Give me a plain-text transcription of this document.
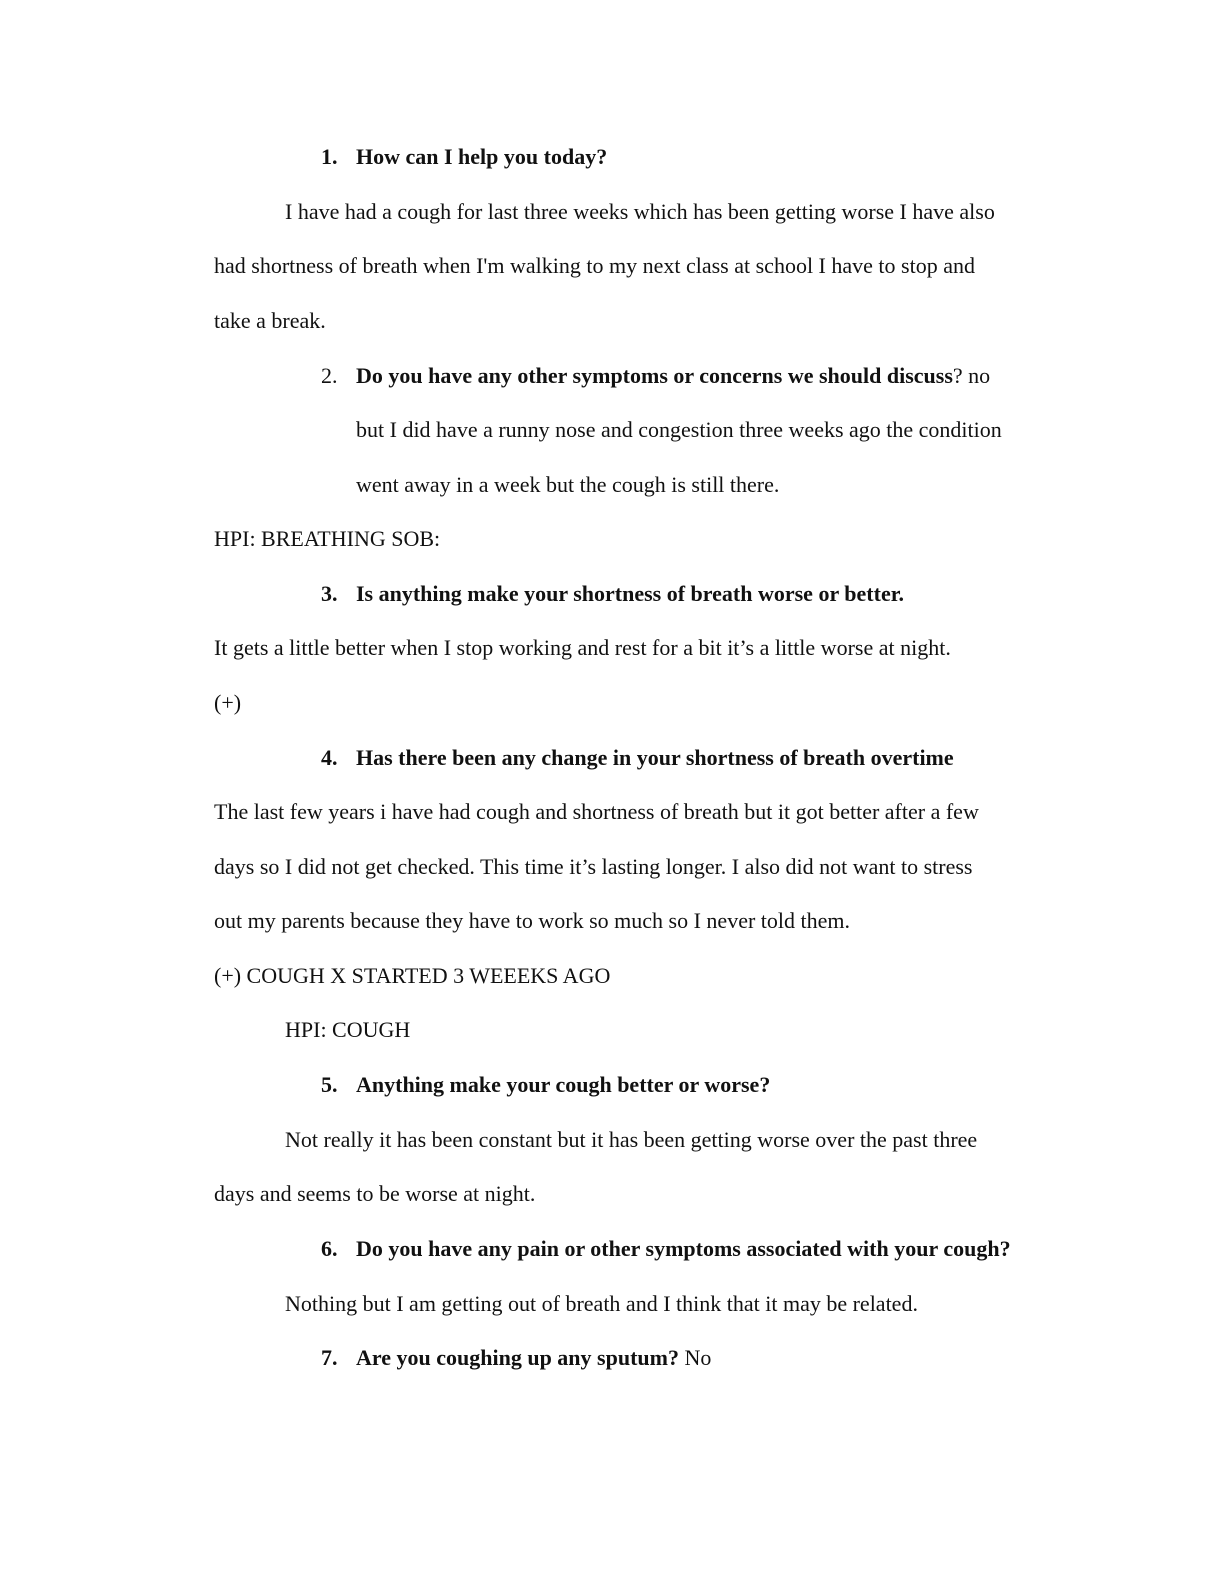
1. How can I help you today?

I have had a cough for last three weeks which has been getting worse I have also

had shortness of breath when I'm walking to my next class at school I have to stop and

take a break.

2. Do you have any other symptoms or concerns we should discuss? no

but I did have a runny nose and congestion three weeks ago the condition

went away in a week but the cough is still there.

HPI: BREATHING SOB:

3. Is anything make your shortness of breath worse or better.

It gets a little better when I stop working and rest for a bit it’s a little worse at night.

(+)

4. Has there been any change in your shortness of breath overtime

The last few years i have had cough and shortness of breath but it got better after a few

days so I did not get checked. This time it’s lasting longer. I also did not want to stress

out my parents because they have to work so much so I never told them.

(+) COUGH X STARTED 3 WEEEKS AGO

HPI: COUGH

5. Anything make your cough better or worse?

Not really it has been constant but it has been getting worse over the past three

days and seems to be worse at night.

6. Do you have any pain or other symptoms associated with your cough?

Nothing but I am getting out of breath and I think that it may be related.

7. Are you coughing up any sputum? No
